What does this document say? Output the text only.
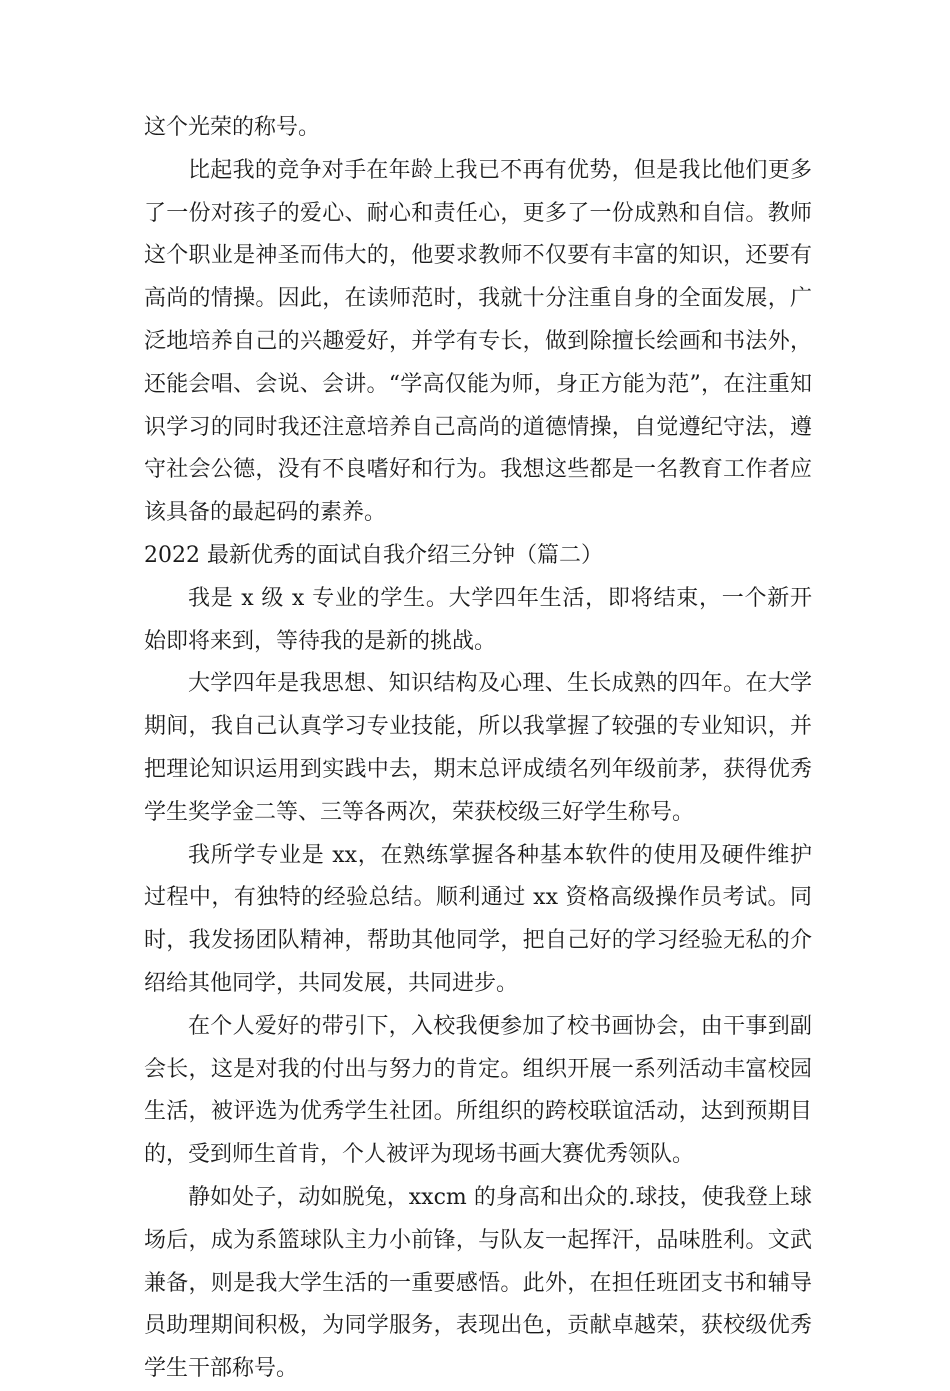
这个光荣的称号。

比起我的竞争对手在年龄上我已不再有优势，但是我比他们更多了一份对孩子的爱心、耐心和责任心，更多了一份成熟和自信。教师这个职业是神圣而伟大的，他要求教师不仅要有丰富的知识，还要有高尚的情操。因此，在读师范时，我就十分注重自身的全面发展，广泛地培养自己的兴趣爱好，并学有专长，做到除擅长绘画和书法外，还能会唱、会说、会讲。“学高仅能为师，身正方能为范”，在注重知识学习的同时我还注意培养自己高尚的道德情操，自觉遵纪守法，遵守社会公德，没有不良嗜好和行为。我想这些都是一名教育工作者应该具备的最起码的素养。

2022 最新优秀的面试自我介绍三分钟（篇二）

我是 x 级 x 专业的学生。大学四年生活，即将结束，一个新开始即将来到，等待我的是新的挑战。

大学四年是我思想、知识结构及心理、生长成熟的四年。在大学期间，我自己认真学习专业技能，所以我掌握了较强的专业知识，并把理论知识运用到实践中去，期末总评成绩名列年级前茅，获得优秀学生奖学金二等、三等各两次，荣获校级三好学生称号。

我所学专业是 xx，在熟练掌握各种基本软件的使用及硬件维护过程中，有独特的经验总结。顺利通过 xx 资格高级操作员考试。同时，我发扬团队精神，帮助其他同学，把自己好的学习经验无私的介绍给其他同学，共同发展，共同进步。

在个人爱好的带引下，入校我便参加了校书画协会，由干事到副会长，这是对我的付出与努力的肯定。组织开展一系列活动丰富校园生活，被评选为优秀学生社团。所组织的跨校联谊活动，达到预期目的，受到师生首肯，个人被评为现场书画大赛优秀领队。

静如处子，动如脱兔，xxcm 的身高和出众的.球技，使我登上球场后，成为系篮球队主力小前锋，与队友一起挥汗，品味胜利。文武兼备，则是我大学生活的一重要感悟。此外，在担任班团支书和辅导员助理期间积极，为同学服务，表现出色，贡献卓越荣，获校级优秀学生干部称号。
